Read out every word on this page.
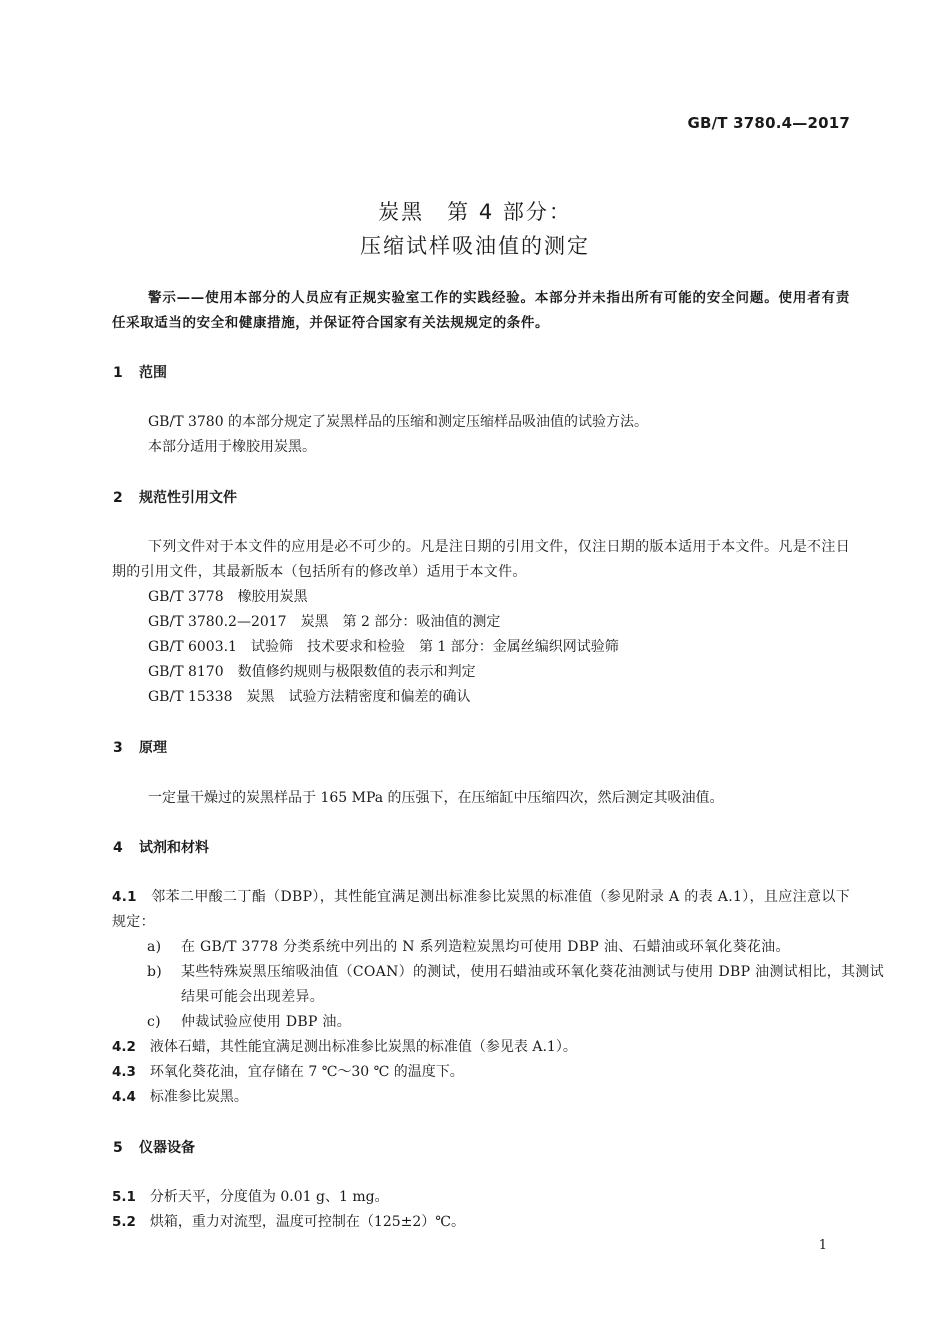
GB/T 3780.4—2017
炭黑　第 4 部分：
压缩试样吸油值的测定
警示——使用本部分的人员应有正规实验室工作的实践经验。本部分并未指出所有可能的安全问题。使用者有责任采取适当的安全和健康措施，并保证符合国家有关法规规定的条件。
1 范围
GB/T 3780 的本部分规定了炭黑样品的压缩和测定压缩样品吸油值的试验方法。
本部分适用于橡胶用炭黑。
2 规范性引用文件
下列文件对于本文件的应用是必不可少的。凡是注日期的引用文件，仅注日期的版本适用于本文件。凡是不注日期的引用文件，其最新版本（包括所有的修改单）适用于本文件。
GB/T 3778　橡胶用炭黑
GB/T 3780.2—2017　炭黑　第 2 部分：吸油值的测定
GB/T 6003.1　试验筛　技术要求和检验　第 1 部分：金属丝编织网试验筛
GB/T 8170　数值修约规则与极限数值的表示和判定
GB/T 15338　炭黑　试验方法精密度和偏差的确认
3 原理
一定量干燥过的炭黑样品于 165 MPa 的压强下，在压缩缸中压缩四次，然后测定其吸油值。
4 试剂和材料
4.1　 邻苯二甲酸二丁酯（DBP），其性能宜满足测出标准参比炭黑的标准值（参见附录 A 的表 A.1），且应注意以下规定：
a) 在 GB/T 3778 分类系统中列出的 N 系列造粒炭黑均可使用 DBP 油、石蜡油或环氧化葵花油。
b) 某些特殊炭黑压缩吸油值（COAN）的测试，使用石蜡油或环氧化葵花油测试与使用 DBP 油测试相比，其测试结果可能会出现差异。
c) 仲裁试验应使用 DBP 油。
4.2　 液体石蜡，其性能宜满足测出标准参比炭黑的标准值（参见表 A.1）。
4.3　 环氧化葵花油，宜存储在 7 ℃～30 ℃ 的温度下。
4.4　 标准参比炭黑。
5 仪器设备
5.1　 分析天平，分度值为 0.01 g、1 mg。
5.2　 烘箱，重力对流型，温度可控制在（125±2）℃。
1
